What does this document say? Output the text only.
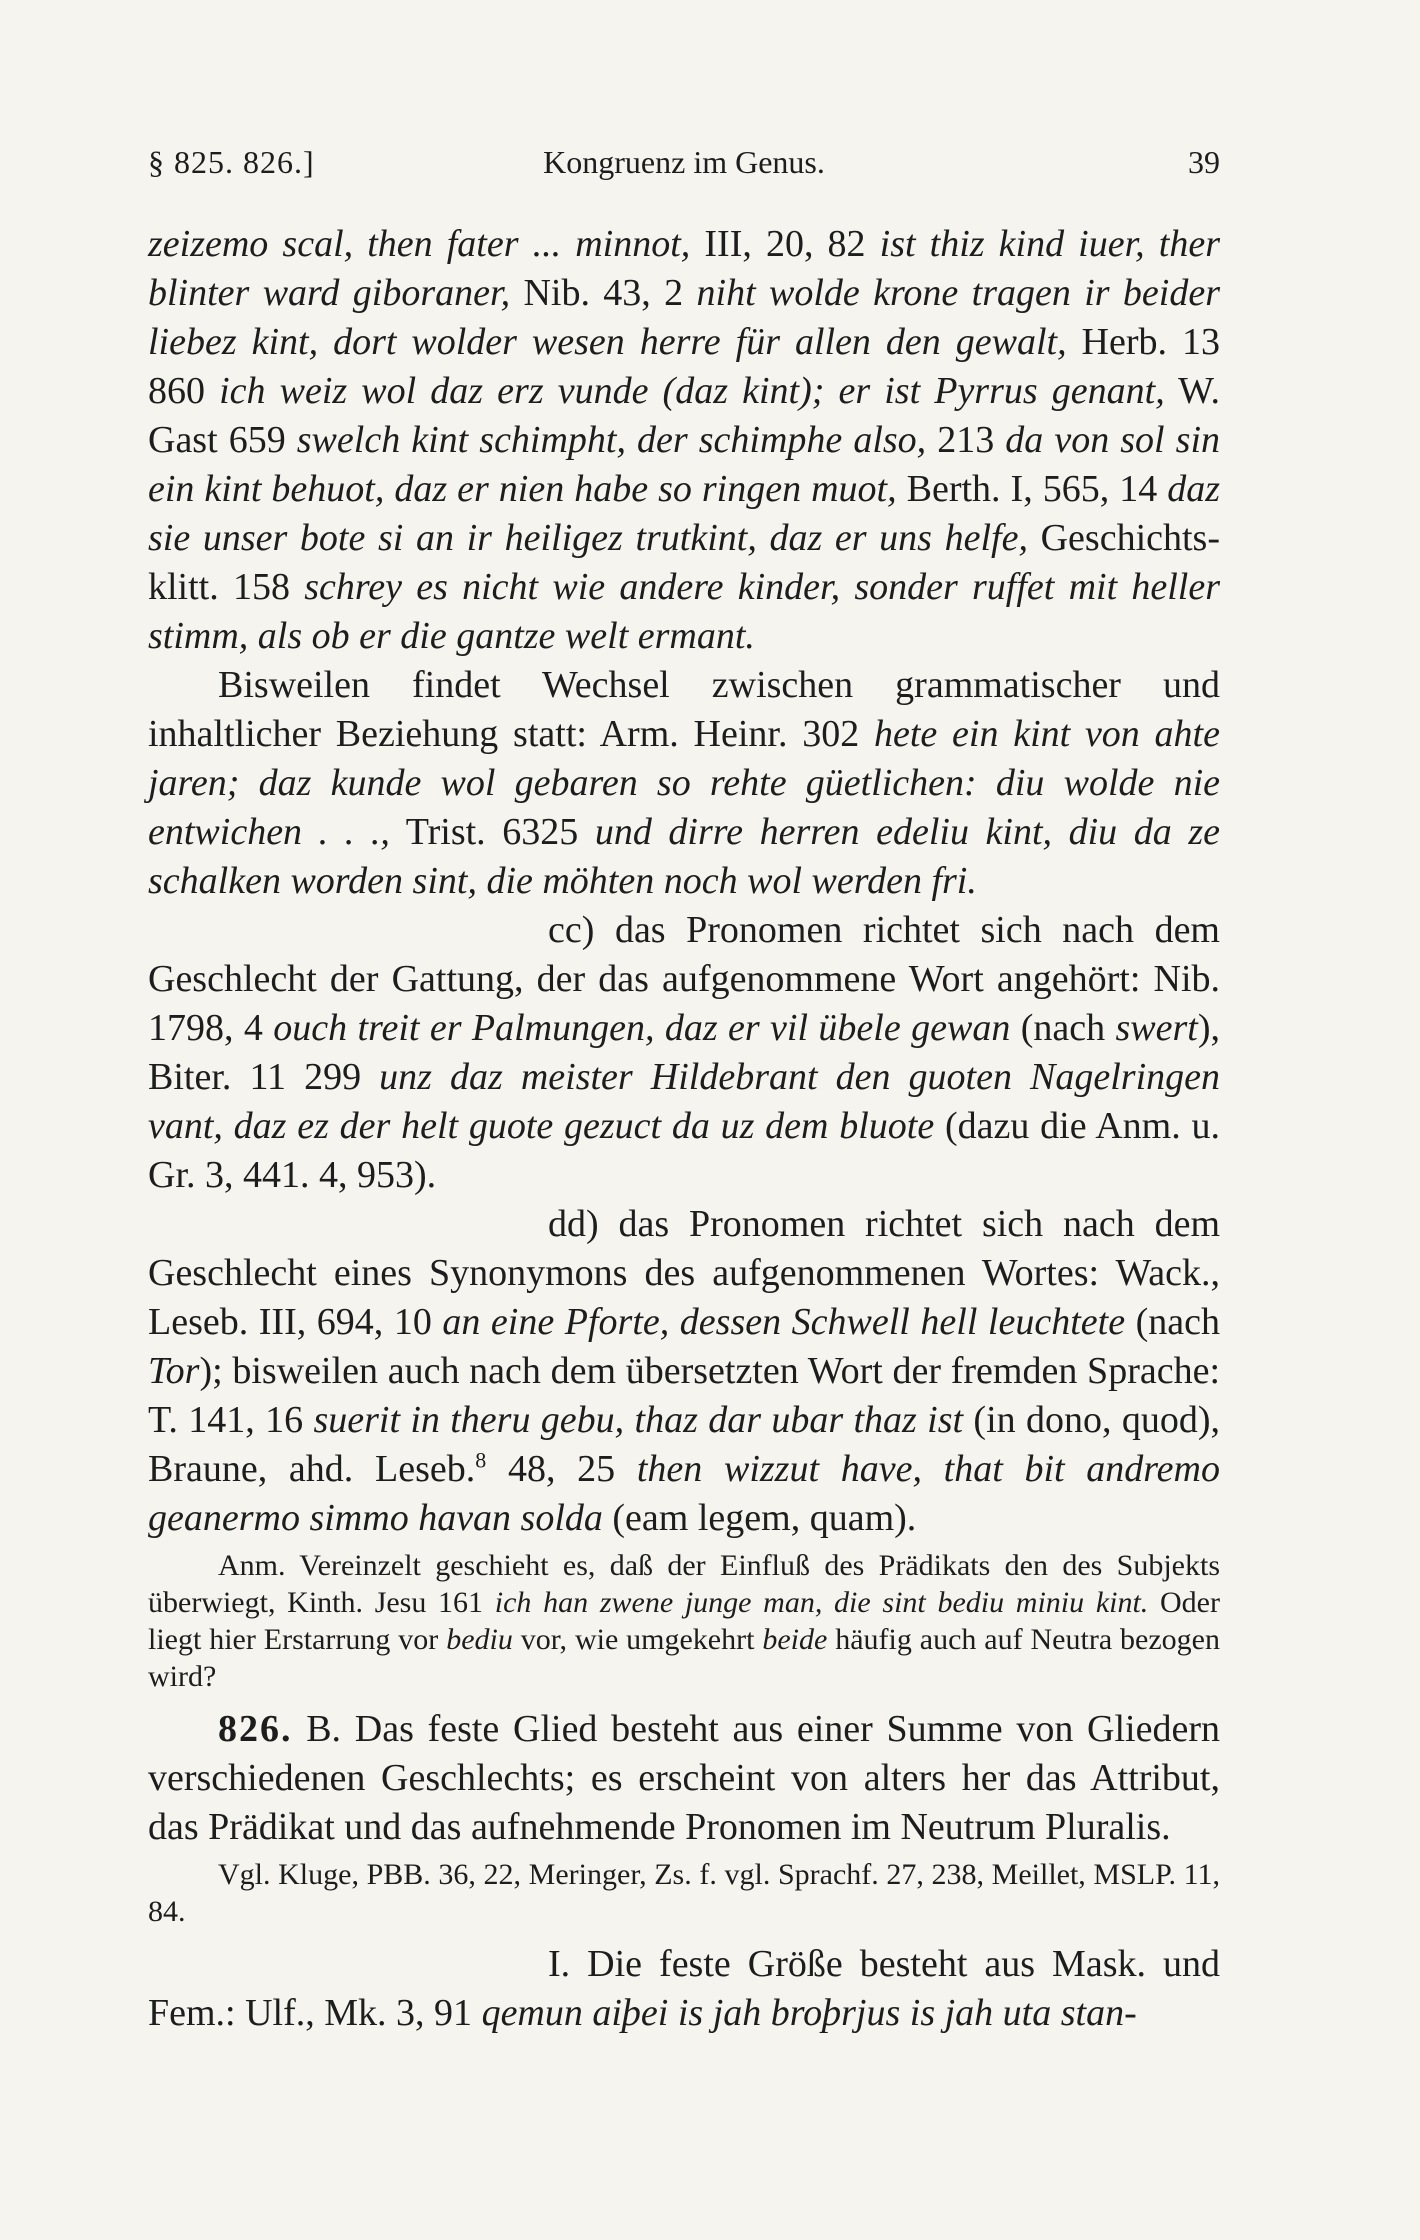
§ 825. 826.]	Kongruenz im Genus.	39

zeizemo scal, then fater ... minnot, III, 20, 82 ist thiz kind iuer, ther blinter ward giboraner, Nib. 43, 2 niht wolde krone tragen ir beider liebez kint, dort wolder wesen herre für allen den gewalt, Herb. 13 860 ich weiz wol daz erz vunde (daz kint); er ist Pyrrus genant, W. Gast 659 swelch kint schimpht, der schimphe also, 213 da von sol sin ein kint behuot, daz er nien habe so ringen muot, Berth. I, 565, 14 daz sie unser bote si an ir heiligez trutkint, daz er uns helfe, Geschichts-klitt. 158 schrey es nicht wie andere kinder, sonder ruffet mit heller stimm, als ob er die gantze welt ermant.

Bisweilen findet Wechsel zwischen grammatischer und inhaltlicher Beziehung statt: Arm. Heinr. 302 hete ein kint von ahte jaren; daz kunde wol gebaren so rehte güetlichen: diu wolde nie entwichen . . ., Trist. 6325 und dirre herren edeliu kint, diu da ze schalken worden sint, die möhten noch wol werden fri.

cc) das Pronomen richtet sich nach dem Geschlecht der Gattung, der das aufgenommene Wort angehört: Nib. 1798, 4 ouch treit er Palmungen, daz er vil übele gewan (nach swert), Biter. 11 299 unz daz meister Hildebrant den guoten Nagelringen vant, daz ez der helt guote gezuct da uz dem bluote (dazu die Anm. u. Gr. 3, 441. 4, 953).

dd) das Pronomen richtet sich nach dem Geschlecht eines Synonymons des aufgenommenen Wortes: Wack., Leseb. III, 694, 10 an eine Pforte, dessen Schwell hell leuchtete (nach Tor); bisweilen auch nach dem übersetzten Wort der fremden Sprache: T. 141, 16 suerit in theru gebu, thaz dar ubar thaz ist (in dono, quod), Braune, ahd. Leseb.$^8$ 48, 25 then wizzut have, that bit andremo geanermo simmo havan solda (eam legem, quam).

Anm. Vereinzelt geschieht es, daß der Einfluß des Prädikats den des Subjekts überwiegt, Kinth. Jesu 161 ich han zwene junge man, die sint bediu miniu kint. Oder liegt hier Erstarrung vor bediu vor, wie umgekehrt beide häufig auch auf Neutra bezogen wird?

826. B. Das feste Glied besteht aus einer Summe von Gliedern verschiedenen Geschlechts; es erscheint von alters her das Attribut, das Prädikat und das aufnehmende Pronomen im Neutrum Pluralis.

Vgl. Kluge, PBB. 36, 22, Meringer, Zs. f. vgl. Sprachf. 27, 238, Meillet, MSLP. 11, 84.

I. Die feste Größe besteht aus Mask. und Fem.: Ulf., Mk. 3, 91 qemun aiþei is jah broþrjus is jah uta stan-
